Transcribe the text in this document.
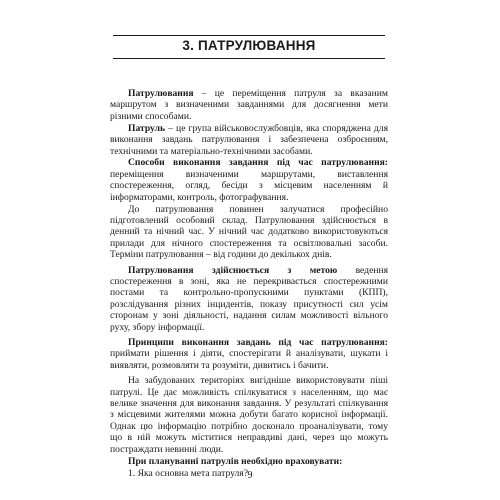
3. ПАТРУЛЮВАННЯ

Патрулювання – це переміщення патруля за вказаним маршрутом з визначеними завданнями для досягнення мети різними способами.

Патруль – це група військовослужбовців, яка споряджена для виконання завдань патрулювання і забезпечена озброєнням, технічними та матеріально-технічними засобами.

Способи виконання завдання під час патрулювання: переміщення визначеними маршрутами, виставлення спостереження, огляд, бесіди з місцевим населенням й інформаторами, контроль, фотографування.

До патрулювання повинен залучатися професійно підготовлений особовий склад. Патрулювання здійснюється в денний та нічний час. У нічний час додатково використовуються прилади для нічного спостереження та освітлювальні засоби. Терміни патрулювання – від години до декількох днів.

Патрулювання здійснюється з метою ведення спостереження в зоні, яка не перекривається спостережними постами та контрольно-пропускними пунктами (КПП), розслідування різних інцидентів, показу присутності сил усім сторонам у зоні діяльності, надання силам можливості вільного руху, збору інформації.

Принципи виконання завдань під час патрулювання: приймати рішення і діяти, спостерігати й аналізувати, шукати і виявляти, розмовляти та розуміти, дивитись і бачити.

На забудованих територіях вигідніше використовувати піші патрулі. Це дає можливість спілкуватися з населенням, що має велике значення для виконання завдання. У результаті спілкування з місцевими жителями можна добути багато корисної інформації. Однак цю інформацію потрібно досконало проаналізувати, тому що в ній можуть міститися неправдиві дані, через що можуть постраждати невинні люди.

При плануванні патрулів необхідно враховувати:

1. Яка основна мета патруля? 9
